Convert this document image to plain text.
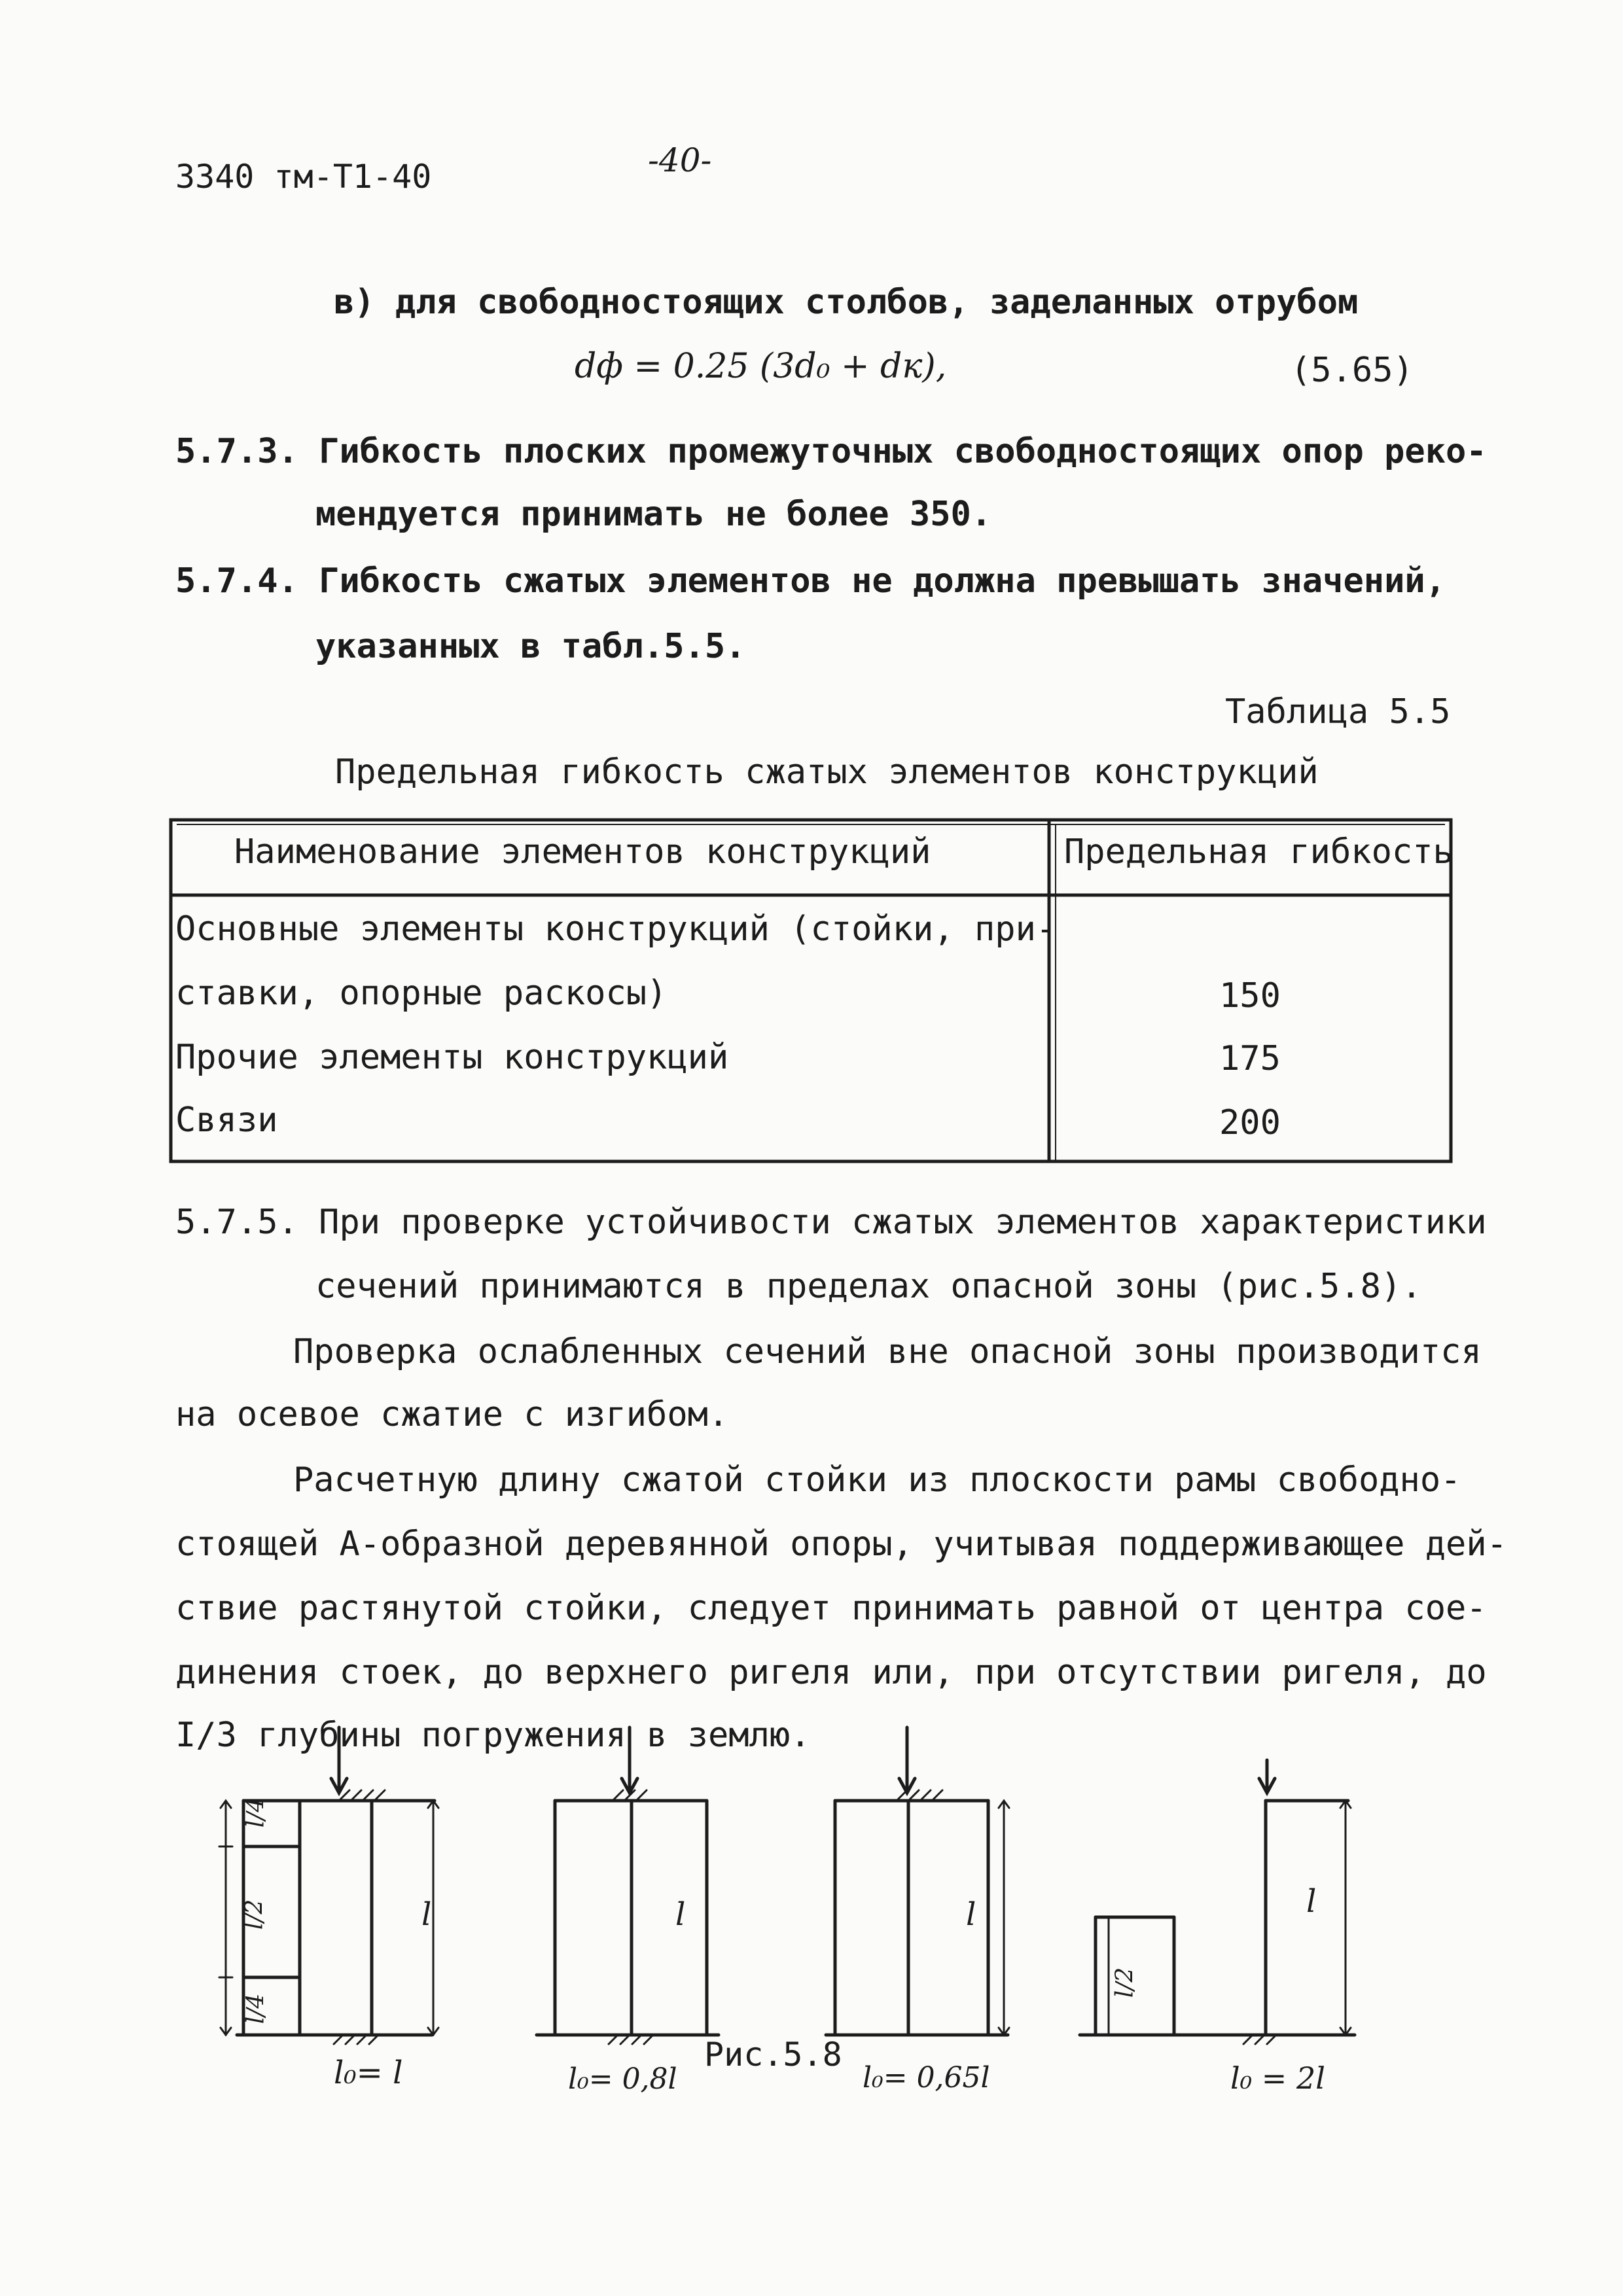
3340 тм-Т1-40	-40-
в) для свободностоящих столбов, заделанных отрубом
dф = 0.25 (3d₀ + dк),	(5.65)
5.7.3. Гибкость плоских промежуточных свободностоящих опор реко-
мендуется принимать не более 350.
5.7.4. Гибкость сжатых элементов не должна превышать значений,
указанных в табл.5.5.
Таблица 5.5
Предельная гибкость сжатых элементов конструкций
Наименование элементов конструкций	Предельная гибкость
Основные элементы конструкций (стойки, при-
ставки, опорные раскосы)	150
Прочие элементы конструкций	175
Связи	200
5.7.5. При проверке устойчивости сжатых элементов характеристики
сечений принимаются в пределах опасной зоны (рис.5.8).
Проверка ослабленных сечений вне опасной зоны производится
на осевое сжатие с изгибом.
Расчетную длину сжатой стойки из плоскости рамы свободно-
стоящей А-образной деревянной опоры, учитывая поддерживающее дей-
ствие растянутой стойки, следует принимать равной от центра сое-
динения стоек, до верхнего ригеля или, при отсутствии ригеля, до
I/3 глубины погружения в землю.
l/4
l/2
l/4
l	l	l	l
l/2
l₀= l	l₀= 0,8l
Рис.5.8
l₀= 0,65l	l₀ = 2l
